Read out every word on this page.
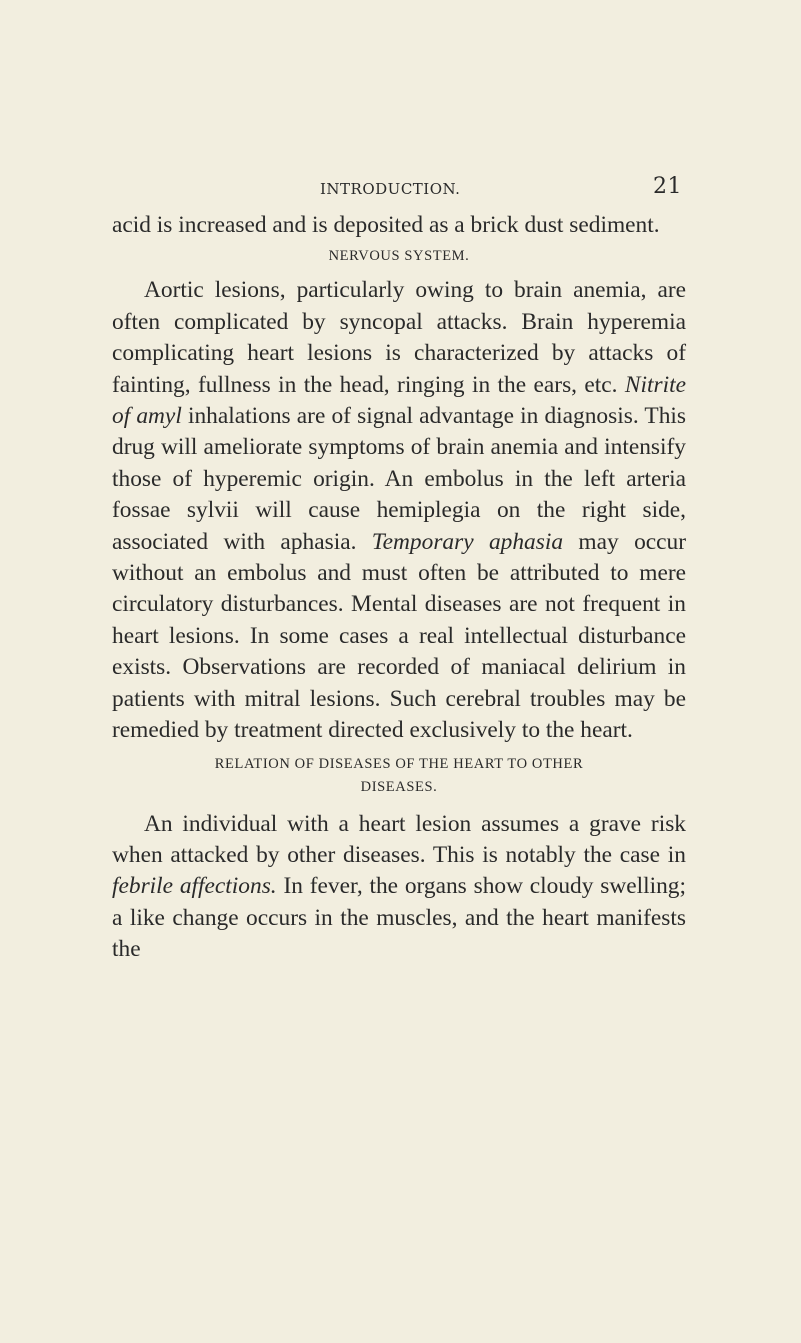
INTRODUCTION.	21

acid is increased and is deposited as a brick dust sediment.

NERVOUS SYSTEM.

Aortic lesions, particularly owing to brain anemia, are often complicated by syncopal attacks. Brain hyperemia complicating heart lesions is characterized by attacks of fainting, fullness in the head, ringing in the ears, etc. Nitrite of amyl inhalations are of signal advantage in diagnosis. This drug will ameliorate symptoms of brain anemia and intensify those of hyperemic origin. An embolus in the left arteria fossae sylvii will cause hemiplegia on the right side, associated with aphasia. Temporary aphasia may occur without an embolus and must often be attributed to mere circulatory disturbances. Mental diseases are not frequent in heart lesions. In some cases a real intellectual disturbance exists. Observations are recorded of maniacal delirium in patients with mitral lesions. Such cerebral troubles may be remedied by treatment directed exclusively to the heart.

RELATION OF DISEASES OF THE HEART TO OTHER
DISEASES.

An individual with a heart lesion assumes a grave risk when attacked by other diseases. This is notably the case in febrile affections. In fever, the organs show cloudy swelling; a like change occurs in the muscles, and the heart manifests the
